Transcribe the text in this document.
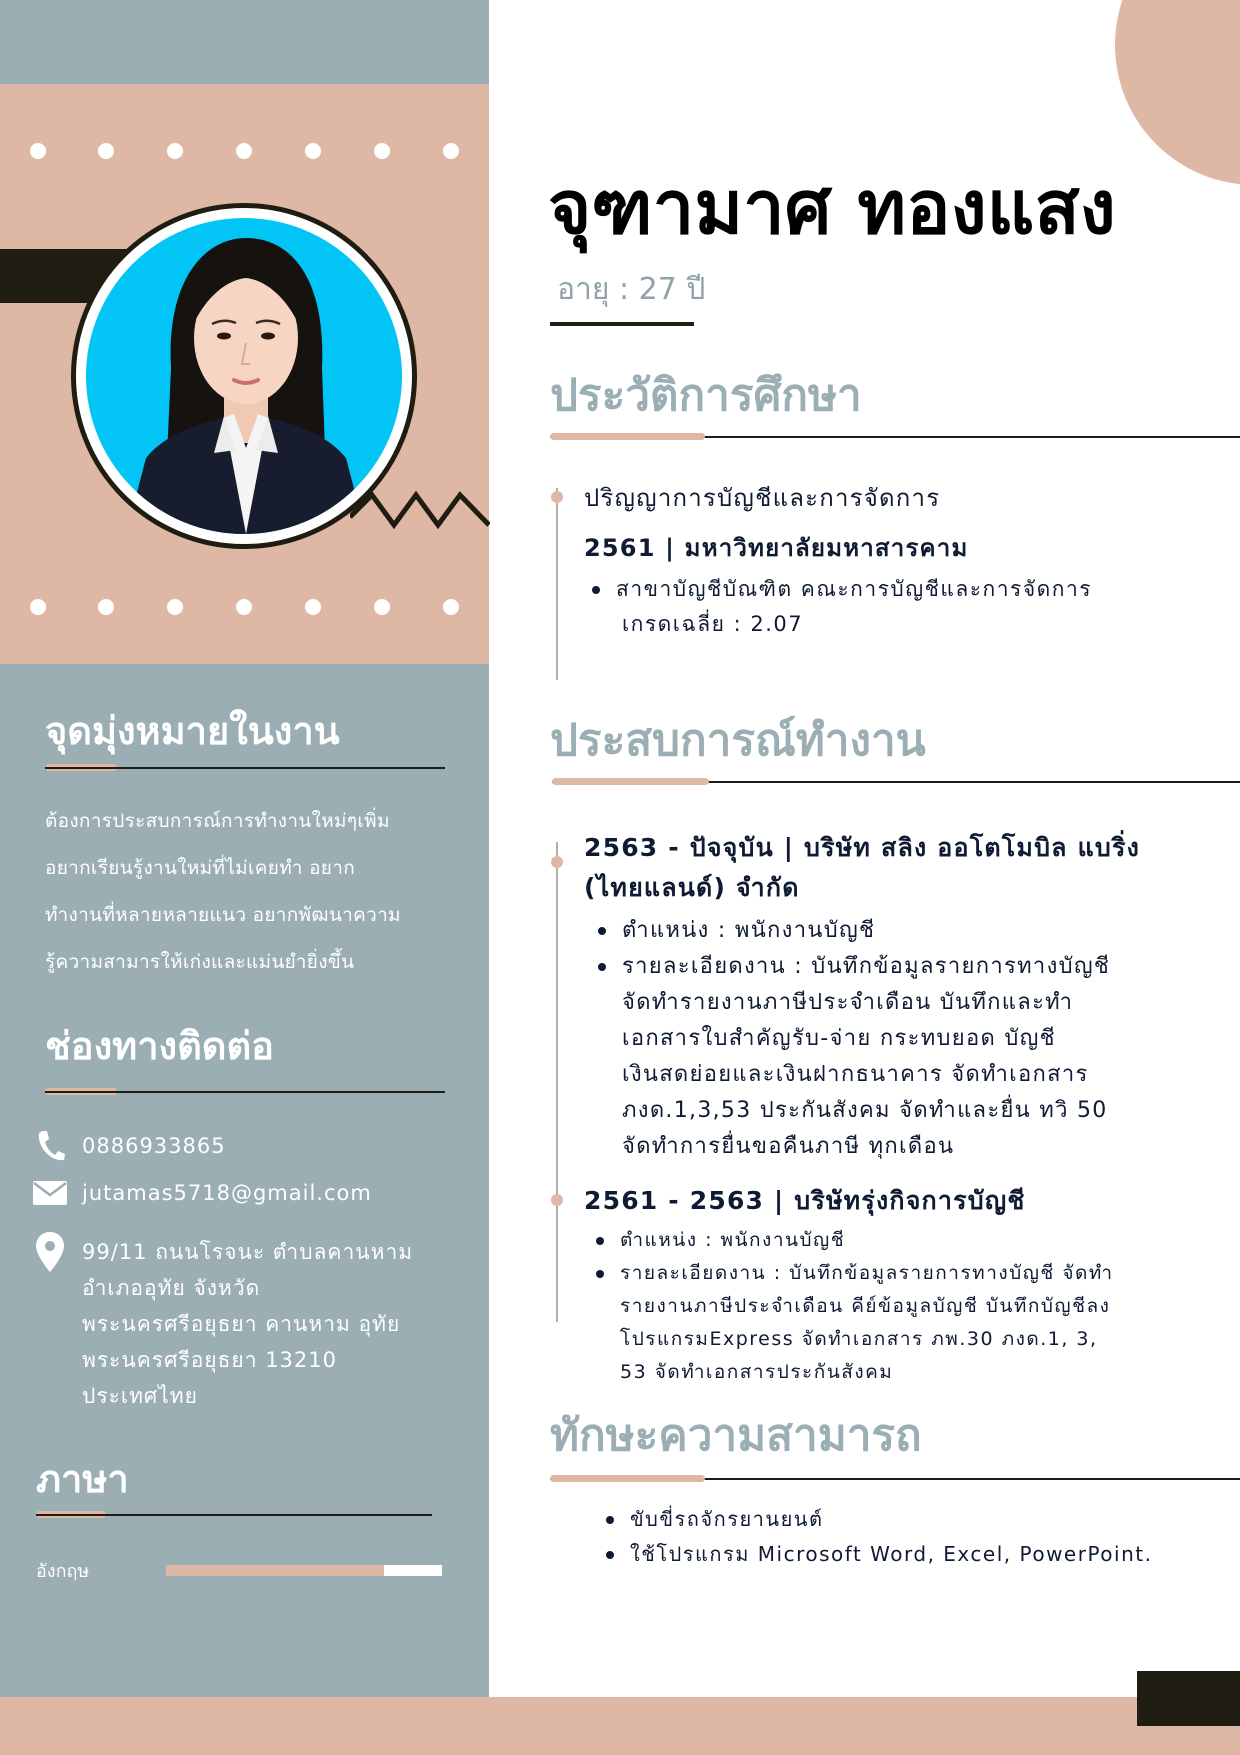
จุดมุ่งหมายในงาน
ต้องการประสบการณ์การทำงานใหม่ๆเพิ่ม
อยากเรียนรู้งานใหม่ที่ไม่เคยทำ อยาก
ทำงานที่หลายหลายแนว อยากพัฒนาความ
รู้ความสามารให้เก่งและแม่นยำยิ่งขึ้น
ช่องทางติดต่อ
0886933865
jutamas5718@gmail.com
99/11 ถนนโรจนะ ตำบลคานหาม
อำเภออุทัย จังหวัด
พระนครศรีอยุธยา คานหาม อุทัย
พระนครศรีอยุธยา 13210
ประเทศไทย
ภาษา
อังกฤษ
จุฑามาศ ทองแสง
อายุ : 27 ปี
ประวัติการศึกษา
ปริญญาการบัญชีและการจัดการ
2561 | มหาวิทยาลัยมหาสารคาม
สาขาบัญชีบัณฑิต คณะการบัญชีและการจัดการ
เกรดเฉลี่ย : 2.07
ประสบการณ์ทำงาน
2563 - ปัจจุบัน | บริษัท สลิง ออโตโมบิล แบริ่ง
(ไทยแลนด์) จำกัด
ตำแหน่ง : พนักงานบัญชี
รายละเอียดงาน : บันทึกข้อมูลรายการทางบัญชี
จัดทำรายงานภาษีประจำเดือน บันทึกและทำ
เอกสารใบสำคัญรับ-จ่าย กระทบยอด บัญชี
เงินสดย่อยและเงินฝากธนาคาร จัดทำเอกสาร
ภงด.1,3,53 ประกันสังคม จัดทำและยื่น ทวิ 50
จัดทำการยื่นขอคืนภาษี ทุกเดือน
2561 - 2563 | บริษัทรุ่งกิจการบัญชี
ตำแหน่ง : พนักงานบัญชี
รายละเอียดงาน : บันทึกข้อมูลรายการทางบัญชี จัดทำ
รายงานภาษีประจำเดือน คีย์ข้อมูลบัญชี บันทึกบัญชีลง
โปรแกรมExpress จัดทำเอกสาร ภพ.30 ภงด.1, 3,
53 จัดทำเอกสารประกันสังคม
ทักษะความสามารถ
ขับขี่รถจักรยานยนต์
ใช้โปรแกรม Microsoft Word, Excel, PowerPoint.
